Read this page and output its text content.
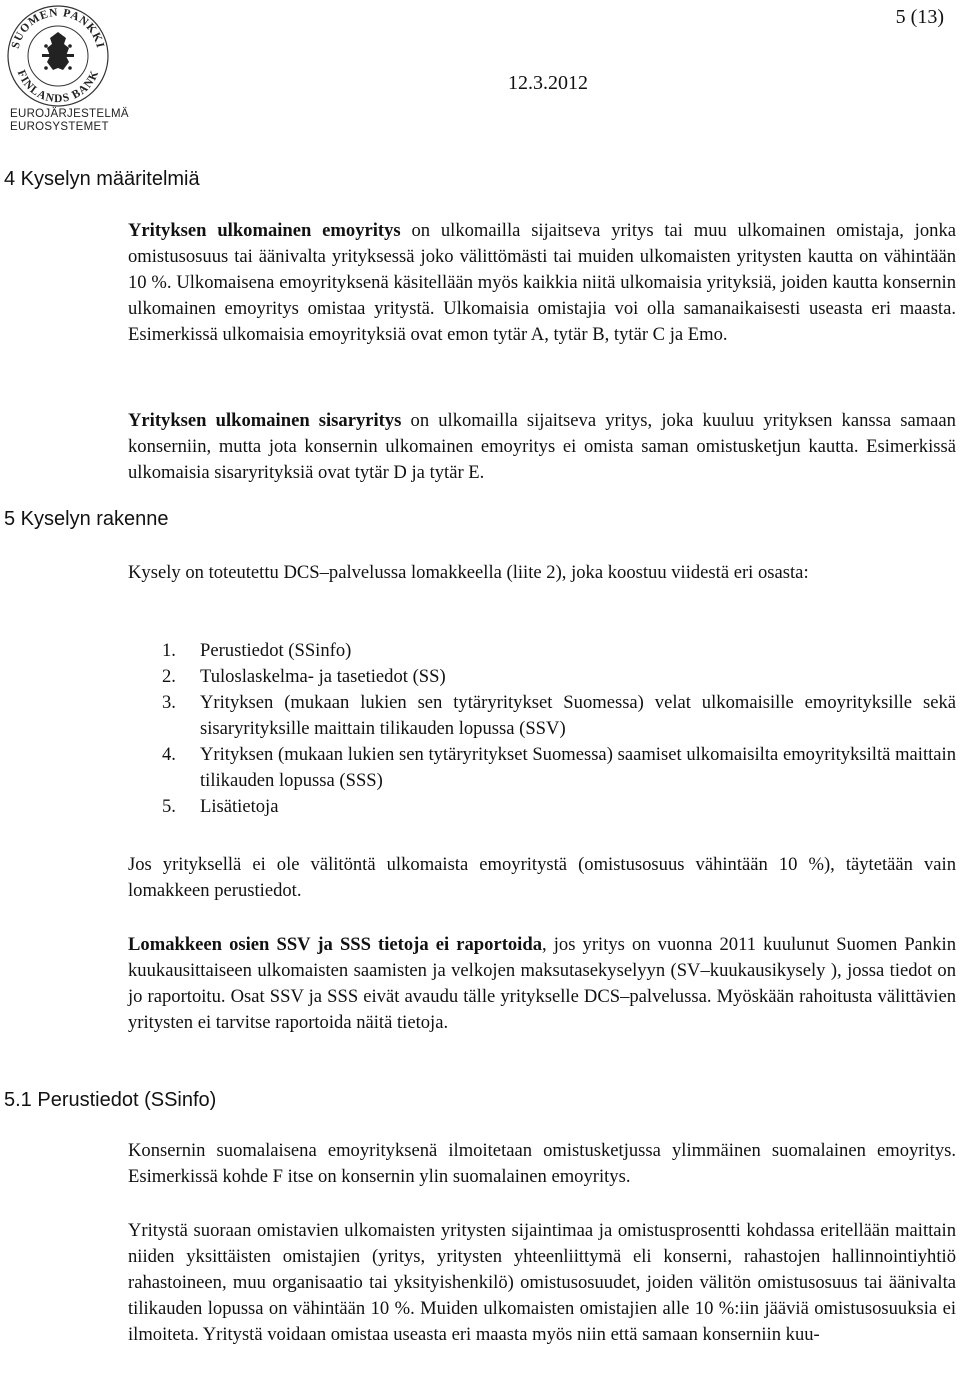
5 (13)
SUOMEN PANKKI
FINLANDS BANK
EUROJÄRJESTELMÄ
EUROSYSTEMET
12.3.2012
4 Kyselyn määritelmiä
5 Kyselyn rakenne
5.1 Perustiedot (SSinfo)

Yrityksen ulkomainen emoyritys on ulkomailla sijaitseva yritys tai muu ulkomainen omistaja, jonka omistusosuus tai äänivalta yrityksessä joko välittömästi tai muiden ulkomaisten yritysten kautta on vähintään 10 %. Ulkomaisena emoyrityksenä käsitellään myös kaikkia niitä ulkomaisia yrityksiä, joiden kautta konsernin ulkomainen emoyritys omistaa yritystä. Ulkomaisia omistajia voi olla samanaikaisesti useasta eri maasta. Esimerkissä ulkomaisia emoyrityksiä ovat emon tytär A, tytär B, tytär C ja Emo.

Yrityksen ulkomainen sisaryritys on ulkomailla sijaitseva yritys, joka kuuluu yrityksen kanssa samaan konserniin, mutta jota konsernin ulkomainen emoyritys ei omista saman omistusketjun kautta. Esimerkissä ulkomaisia sisaryrityksiä ovat tytär D ja tytär E.

Kysely on toteutettu DCS–palvelussa lomakkeella (liite 2), joka koostuu viidestä eri osasta:

1. Perustiedot (SSinfo)
2. Tuloslaskelma- ja tasetiedot (SS)
3. Yrityksen (mukaan lukien sen tytäryritykset Suomessa) velat ulkomaisille emoyrityksille sekä sisaryrityksille maittain tilikauden lopussa (SSV)
4. Yrityksen (mukaan lukien sen tytäryritykset Suomessa) saamiset ulkomaisilta emoyrityksiltä maittain tilikauden lopussa (SSS)
5. Lisätietoja

Jos yrityksellä ei ole välitöntä ulkomaista emoyritystä (omistusosuus vähintään 10 %), täytetään vain lomakkeen perustiedot.

Lomakkeen osien SSV ja SSS tietoja ei raportoida, jos yritys on vuonna 2011 kuulunut Suomen Pankin kuukausittaiseen ulkomaisten saamisten ja velkojen maksutasekyselyyn (SV–kuukausikysely ), jossa tiedot on jo raportoitu. Osat SSV ja SSS eivät avaudu tälle yritykselle DCS–palvelussa. Myöskään rahoitusta välittävien yritysten ei tarvitse raportoida näitä tietoja.

Konsernin suomalaisena emoyrityksenä ilmoitetaan omistusketjussa ylimmäinen suomalainen emoyritys. Esimerkissä kohde F itse on konsernin ylin suomalainen emoyritys.

Yritystä suoraan omistavien ulkomaisten yritysten sijaintimaa ja omistusprosentti kohdassa eritellään maittain niiden yksittäisten omistajien (yritys, yritysten yhteenliittymä eli konserni, rahastojen hallinnointiyhtiö rahastoineen, muu organisaatio tai yksityishenkilö) omistusosuudet, joiden välitön omistusosuus tai äänivalta tilikauden lopussa on vähintään 10 %. Muiden ulkomaisten omistajien alle 10 %:iin jääviä omistusosuuksia ei ilmoiteta. Yritystä voidaan omistaa useasta eri maasta myös niin että samaan konserniin kuu-
